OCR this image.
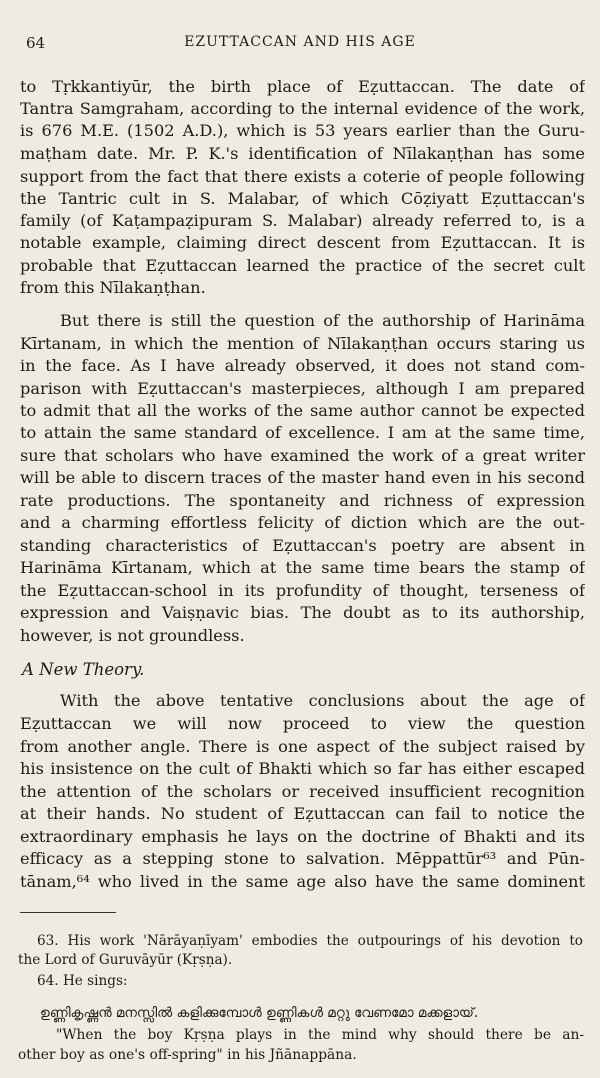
64	EZUTTACCAN AND HIS AGE
to Tṛkkantiyūr, the birth place of Eẓuttaccan. The date of
Tantra Samgraham, according to the internal evidence of the work,
is 676 M.E. (1502 A.D.), which is 53 years earlier than the Guru-
maṭham date. Mr. P. K.'s identification of Nīlakaṇṭhan has some
support from the fact that there exists a coterie of people following
the Tantric cult in S. Malabar, of which Cōẓiyatt Eẓuttaccan's
family (of Kaṭampaẓipuram S. Malabar) already referred to, is a
notable example, claiming direct descent from Eẓuttaccan. It is
probable that Eẓuttaccan learned the practice of the secret cult
from this Nīlakaṇṭhan.
But there is still the question of the authorship of Harināma
Kīrtanam, in which the mention of Nīlakaṇṭhan occurs staring us
in the face. As I have already observed, it does not stand com-
parison with Eẓuttaccan's masterpieces, although I am prepared
to admit that all the works of the same author cannot be expected
to attain the same standard of excellence. I am at the same time,
sure that scholars who have examined the work of a great writer
will be able to discern traces of the master hand even in his second
rate productions. The spontaneity and richness of expression
and a charming effortless felicity of diction which are the out-
standing characteristics of Eẓuttaccan's poetry are absent in
Harināma Kīrtanam, which at the same time bears the stamp of
the Eẓuttaccan-school in its profundity of thought, terseness of
expression and Vaiṣṇavic bias. The doubt as to its authorship,
however, is not groundless.
A New Theory.
With the above tentative conclusions about the age of
Eẓuttaccan we will now proceed to view the question
from another angle. There is one aspect of the subject raised by
his insistence on the cult of Bhakti which so far has either escaped
the attention of the scholars or received insufficient recognition
at their hands. No student of Eẓuttaccan can fail to notice the
extraordinary emphasis he lays on the doctrine of Bhakti and its
efficacy as a stepping stone to salvation. Mēppattūr⁶³ and Pūn-
tānam,⁶⁴ who lived in the same age also have the same dominent
63. His work 'Nārāyaṇīyam' embodies the outpourings of his devotion to
the Lord of Guruvāyūr (Kṛṣṇa).
64. He sings:
ഉണ്ണികൃഷ്ണൻ മനസ്സിൽ കളിക്കുമ്പോൾ ഉണ്ണികൾ മറ്റു വേണമോ മക്കളായ്.
"When the boy Kṛṣṇa plays in the mind why should there be an-
other boy as one's off-spring" in his Jñānappāna.
